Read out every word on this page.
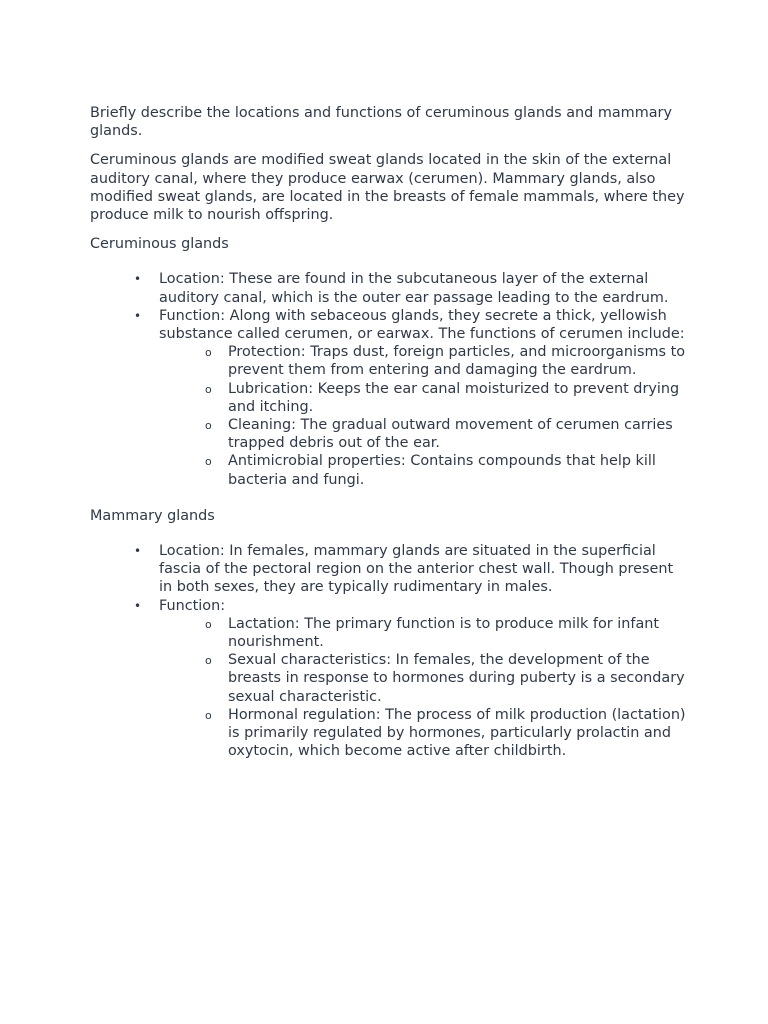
Briefly describe the locations and functions of ceruminous glands and mammary glands.

Ceruminous glands are modified sweat glands located in the skin of the external auditory canal, where they produce earwax (cerumen). Mammary glands, also modified sweat glands, are located in the breasts of female mammals, where they produce milk to nourish offspring.

Ceruminous glands

• Location: These are found in the subcutaneous layer of the external auditory canal, which is the outer ear passage leading to the eardrum.
• Function: Along with sebaceous glands, they secrete a thick, yellowish substance called cerumen, or earwax. The functions of cerumen include:
o Protection: Traps dust, foreign particles, and microorganisms to prevent them from entering and damaging the eardrum.
o Lubrication: Keeps the ear canal moisturized to prevent drying and itching.
o Cleaning: The gradual outward movement of cerumen carries trapped debris out of the ear.
o Antimicrobial properties: Contains compounds that help kill bacteria and fungi.

Mammary glands

• Location: In females, mammary glands are situated in the superficial fascia of the pectoral region on the anterior chest wall. Though present in both sexes, they are typically rudimentary in males.
• Function:
o Lactation: The primary function is to produce milk for infant nourishment.
o Sexual characteristics: In females, the development of the breasts in response to hormones during puberty is a secondary sexual characteristic.
o Hormonal regulation: The process of milk production (lactation) is primarily regulated by hormones, particularly prolactin and oxytocin, which become active after childbirth.
